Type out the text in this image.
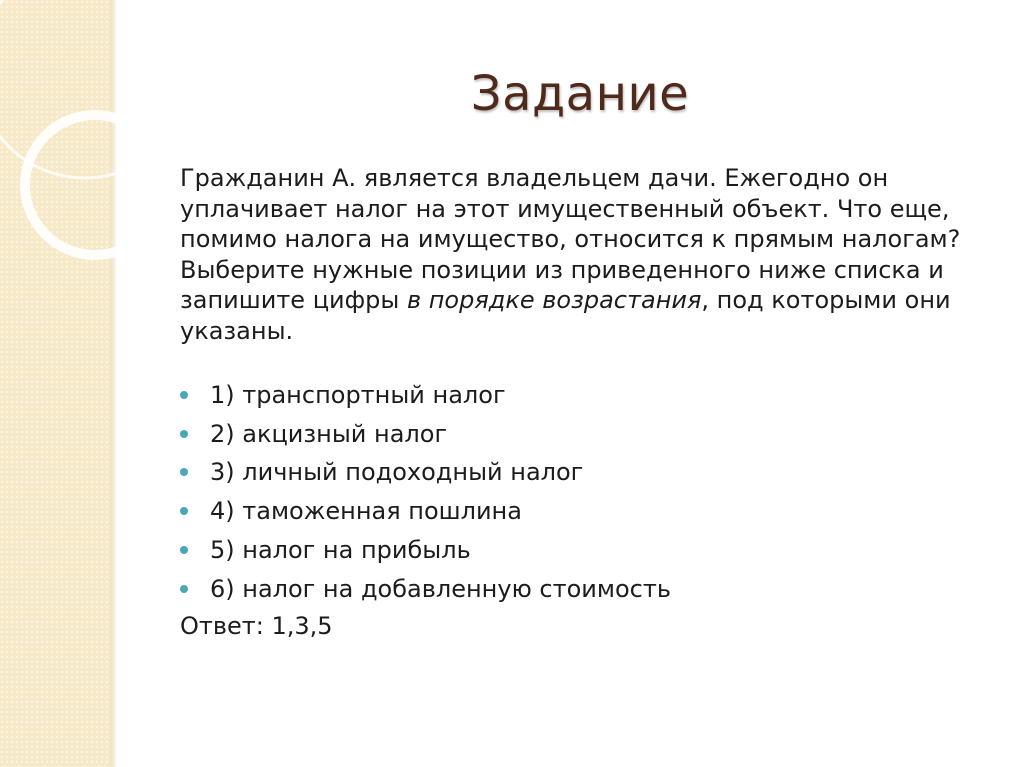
Задание

Гражданин А. является владельцем дачи. Ежегодно он уплачивает налог на этот имущественный объект. Что еще, помимо налога на имущество, относится к прямым налогам? Выберите нужные позиции из приведенного ниже списка и запишите цифры в порядке возрастания, под которыми они указаны.

1) транспортный налог
2) акцизный налог
3) личный подоходный налог
4) таможенная пошлина
5) налог на прибыль
6) налог на добавленную стоимость
Ответ: 1,3,5
